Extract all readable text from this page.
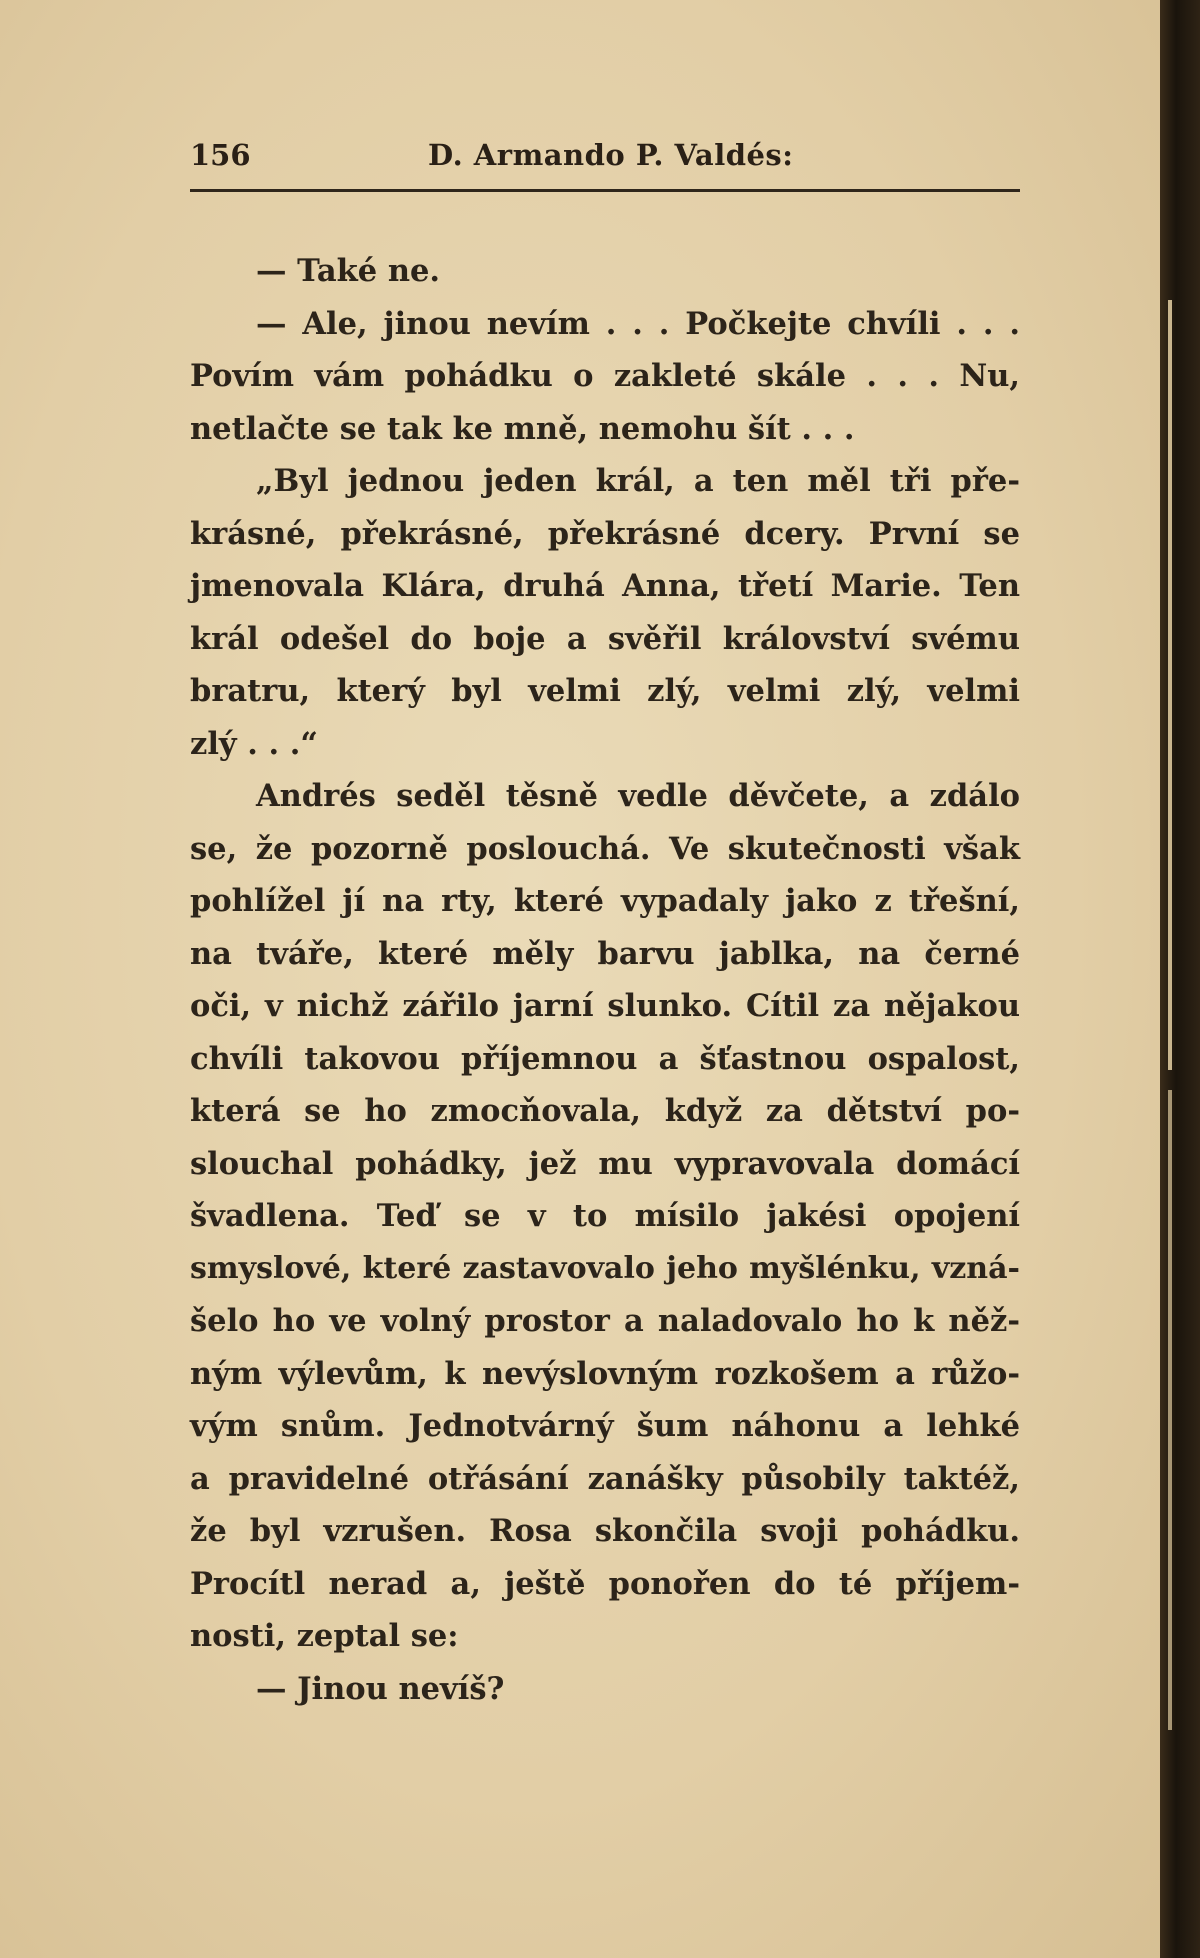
156	D. Armando P. Valdés:
— Také ne.
— Ale, jinou nevím . . . Počkejte chvíli . . .
Povím vám pohádku o zakleté skále . . . Nu,
netlačte se tak ke mně, nemohu šít . . .
„Byl jednou jeden král, a ten měl tři pře-
krásné, překrásné, překrásné dcery. První se
jmenovala Klára, druhá Anna, třetí Marie. Ten
král odešel do boje a svěřil království svému
bratru, který byl velmi zlý, velmi zlý, velmi
zlý . . .“
Andrés seděl těsně vedle děvčete, a zdálo
se, že pozorně poslouchá. Ve skutečnosti však
pohlížel jí na rty, které vypadaly jako z třešní,
na tváře, které měly barvu jablka, na černé
oči, v nichž zářilo jarní slunko. Cítil za nějakou
chvíli takovou příjemnou a šťastnou ospalost,
která se ho zmocňovala, když za dětství po-
slouchal pohádky, jež mu vypravovala domácí
švadlena. Teď se v to mísilo jakési opojení
smyslové, které zastavovalo jeho myšlénku, vzná-
šelo ho ve volný prostor a naladovalo ho k něž-
ným výlevům, k nevýslovným rozkošem a růžo-
vým snům. Jednotvárný šum náhonu a lehké
a pravidelné otřásání zanášky působily taktéž,
že byl vzrušen. Rosa skončila svoji pohádku.
Procítl nerad a, ještě ponořen do té příjem-
nosti, zeptal se:
— Jinou nevíš?
